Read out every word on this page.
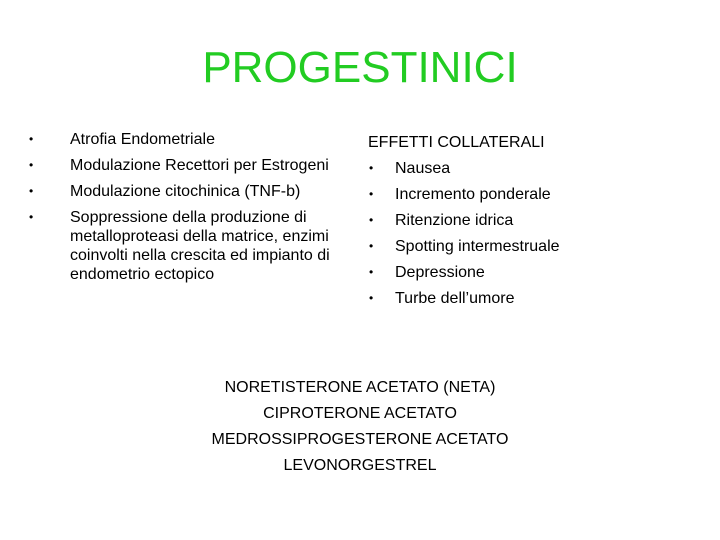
PROGESTINICI
• Atrofia Endometriale
• Modulazione Recettori per Estrogeni
• Modulazione citochinica (TNF-b)
• Soppressione della produzione di metalloproteasi della matrice, enzimi coinvolti nella crescita ed impianto di endometrio ectopico
EFFETTI COLLATERALI
• Nausea
• Incremento ponderale
• Ritenzione idrica
• Spotting intermestruale
• Depressione
• Turbe dell’umore
NORETISTERONE ACETATO (NETA)
CIPROTERONE ACETATO
MEDROSSIPROGESTERONE ACETATO
LEVONORGESTREL
